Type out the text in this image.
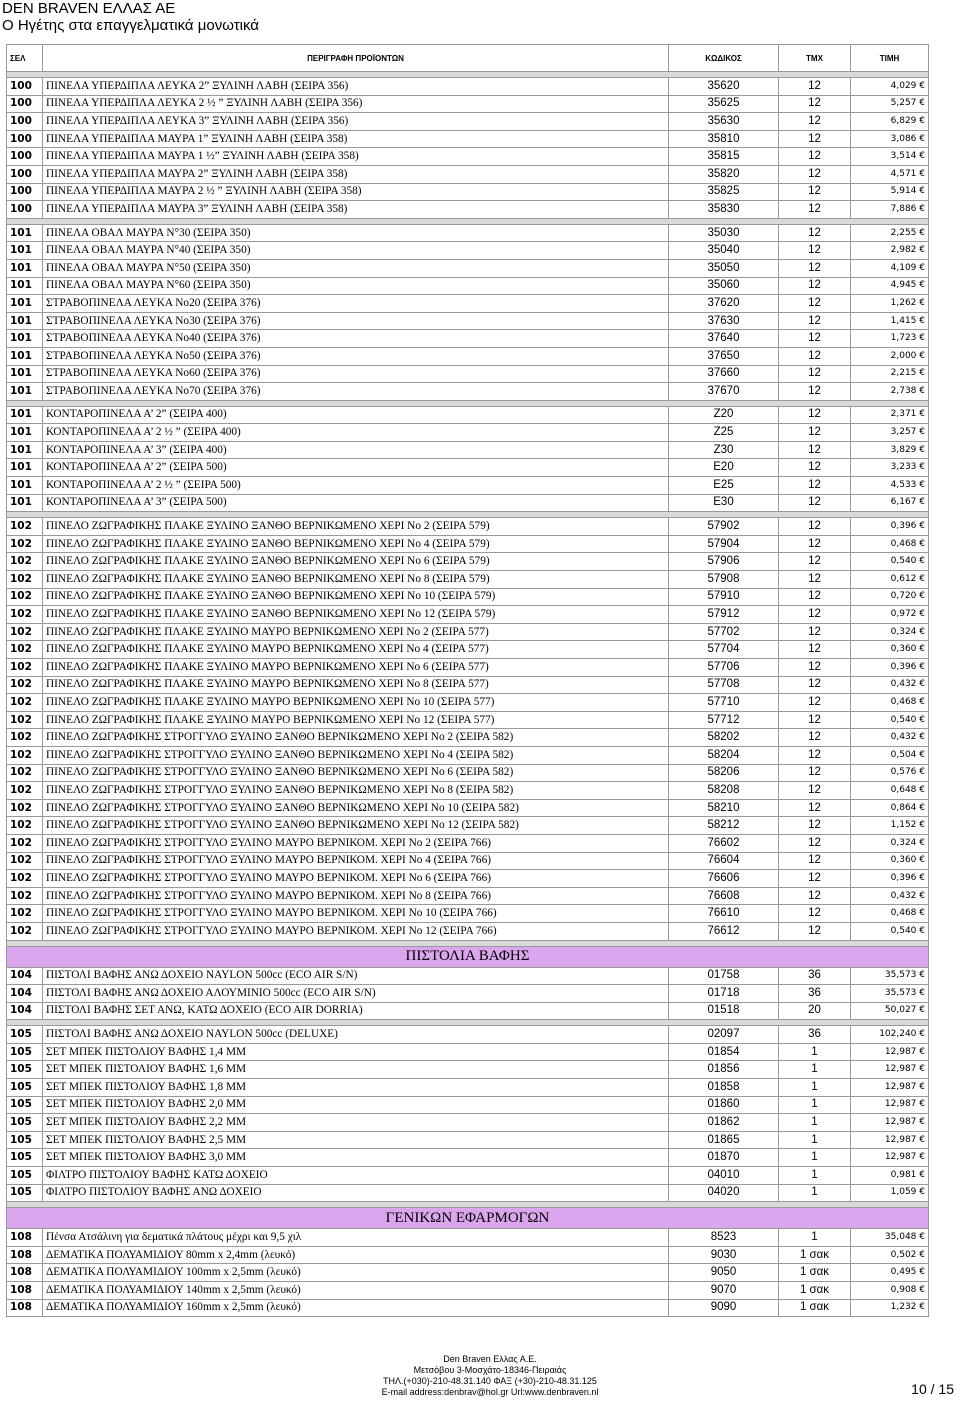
DEN BRAVEN ΕΛΛΑΣ ΑΕ
Ο Ηγέτης στα επαγγελματικά μονωτικά
ΣΕΛ	ΠΕΡΙΓΡΑΦΗ ΠΡΟΪΟΝΤΩΝ	ΚΩΔΙΚΟΣ	ΤΜΧ	ΤΙΜΗ

100	ΠΙΝΕΛΑ ΥΠΕΡΔΙΠΛΑ ΛΕΥΚΑ 2” ΞΥΛΙΝΗ ΛΑΒΗ (ΣΕΙΡΑ 356)	35620	12	4,029 €
100	ΠΙΝΕΛΑ ΥΠΕΡΔΙΠΛΑ ΛΕΥΚΑ 2 ½ ” ΞΥΛΙΝΗ ΛΑΒΗ (ΣΕΙΡΑ 356)	35625	12	5,257 €
100	ΠΙΝΕΛΑ ΥΠΕΡΔΙΠΛΑ ΛΕΥΚΑ 3” ΞΥΛΙΝΗ ΛΑΒΗ (ΣΕΙΡΑ 356)	35630	12	6,829 €
100	ΠΙΝΕΛΑ ΥΠΕΡΔΙΠΛΑ ΜΑΥΡΑ 1” ΞΥΛΙΝΗ ΛΑΒΗ (ΣΕΙΡΑ 358)	35810	12	3,086 €
100	ΠΙΝΕΛΑ ΥΠΕΡΔΙΠΛΑ ΜΑΥΡΑ 1 ½” ΞΥΛΙΝΗ ΛΑΒΗ (ΣΕΙΡΑ 358)	35815	12	3,514 €
100	ΠΙΝΕΛΑ ΥΠΕΡΔΙΠΛΑ ΜΑΥΡΑ 2” ΞΥΛΙΝΗ ΛΑΒΗ (ΣΕΙΡΑ 358)	35820	12	4,571 €
100	ΠΙΝΕΛΑ ΥΠΕΡΔΙΠΛΑ ΜΑΥΡΑ 2 ½ ” ΞΥΛΙΝΗ ΛΑΒΗ (ΣΕΙΡΑ 358)	35825	12	5,914 €
100	ΠΙΝΕΛΑ ΥΠΕΡΔΙΠΛΑ ΜΑΥΡΑ 3” ΞΥΛΙΝΗ ΛΑΒΗ (ΣΕΙΡΑ 358)	35830	12	7,886 €

101	ΠΙΝΕΛΑ ΟΒΑΛ ΜΑΥΡΑ Ν°30 (ΣΕΙΡΑ 350)	35030	12	2,255 €
101	ΠΙΝΕΛΑ ΟΒΑΛ ΜΑΥΡΑ Ν°40 (ΣΕΙΡΑ 350)	35040	12	2,982 €
101	ΠΙΝΕΛΑ ΟΒΑΛ ΜΑΥΡΑ Ν°50 (ΣΕΙΡΑ 350)	35050	12	4,109 €
101	ΠΙΝΕΛΑ ΟΒΑΛ ΜΑΥΡΑ Ν°60 (ΣΕΙΡΑ 350)	35060	12	4,945 €
101	ΣΤΡΑΒΟΠΙΝΕΛΑ ΛΕΥΚΑ Νο20 (ΣΕΙΡΑ 376)	37620	12	1,262 €
101	ΣΤΡΑΒΟΠΙΝΕΛΑ ΛΕΥΚΑ Νο30 (ΣΕΙΡΑ 376)	37630	12	1,415 €
101	ΣΤΡΑΒΟΠΙΝΕΛΑ ΛΕΥΚΑ Νο40 (ΣΕΙΡΑ 376)	37640	12	1,723 €
101	ΣΤΡΑΒΟΠΙΝΕΛΑ ΛΕΥΚΑ Νο50 (ΣΕΙΡΑ 376)	37650	12	2,000 €
101	ΣΤΡΑΒΟΠΙΝΕΛΑ ΛΕΥΚΑ Νο60 (ΣΕΙΡΑ 376)	37660	12	2,215 €
101	ΣΤΡΑΒΟΠΙΝΕΛΑ ΛΕΥΚΑ Νο70 (ΣΕΙΡΑ 376)	37670	12	2,738 €

101	ΚΟΝΤΑΡΟΠΙΝΕΛΑ Α’ 2” (ΣΕΙΡΑ 400)	Z20	12	2,371 €
101	ΚΟΝΤΑΡΟΠΙΝΕΛΑ Α’ 2 ½ ” (ΣΕΙΡΑ 400)	Z25	12	3,257 €
101	ΚΟΝΤΑΡΟΠΙΝΕΛΑ Α’ 3” (ΣΕΙΡΑ 400)	Z30	12	3,829 €
101	ΚΟΝΤΑΡΟΠΙΝΕΛΑ Α’ 2” (ΣΕΙΡΑ 500)	E20	12	3,233 €
101	ΚΟΝΤΑΡΟΠΙΝΕΛΑ Α’ 2 ½ ” (ΣΕΙΡΑ 500)	E25	12	4,533 €
101	ΚΟΝΤΑΡΟΠΙΝΕΛΑ Α’ 3” (ΣΕΙΡΑ 500)	E30	12	6,167 €

102	ΠΙΝΕΛΟ ΖΩΓΡΑΦΙΚΗΣ ΠΛΑΚΕ ΞΥΛΙΝΟ ΞΑΝΘΟ ΒΕΡΝΙΚΩΜΕΝΟ ΧΕΡΙ Νο 2 (ΣΕΙΡΑ 579)	57902	12	0,396 €
102	ΠΙΝΕΛΟ ΖΩΓΡΑΦΙΚΗΣ ΠΛΑΚΕ ΞΥΛΙΝΟ ΞΑΝΘΟ ΒΕΡΝΙΚΩΜΕΝΟ ΧΕΡΙ Νο 4 (ΣΕΙΡΑ 579)	57904	12	0,468 €
102	ΠΙΝΕΛΟ ΖΩΓΡΑΦΙΚΗΣ ΠΛΑΚΕ ΞΥΛΙΝΟ ΞΑΝΘΟ ΒΕΡΝΙΚΩΜΕΝΟ ΧΕΡΙ Νο 6 (ΣΕΙΡΑ 579)	57906	12	0,540 €
102	ΠΙΝΕΛΟ ΖΩΓΡΑΦΙΚΗΣ ΠΛΑΚΕ ΞΥΛΙΝΟ ΞΑΝΘΟ ΒΕΡΝΙΚΩΜΕΝΟ ΧΕΡΙ Νο 8 (ΣΕΙΡΑ 579)	57908	12	0,612 €
102	ΠΙΝΕΛΟ ΖΩΓΡΑΦΙΚΗΣ ΠΛΑΚΕ ΞΥΛΙΝΟ ΞΑΝΘΟ ΒΕΡΝΙΚΩΜΕΝΟ ΧΕΡΙ Νο 10 (ΣΕΙΡΑ 579)	57910	12	0,720 €
102	ΠΙΝΕΛΟ ΖΩΓΡΑΦΙΚΗΣ ΠΛΑΚΕ ΞΥΛΙΝΟ ΞΑΝΘΟ ΒΕΡΝΙΚΩΜΕΝΟ ΧΕΡΙ Νο 12 (ΣΕΙΡΑ 579)	57912	12	0,972 €
102	ΠΙΝΕΛΟ ΖΩΓΡΑΦΙΚΗΣ ΠΛΑΚΕ ΞΥΛΙΝΟ ΜΑΥΡΟ ΒΕΡΝΙΚΩΜΕΝΟ ΧΕΡΙ Νο 2 (ΣΕΙΡΑ 577)	57702	12	0,324 €
102	ΠΙΝΕΛΟ ΖΩΓΡΑΦΙΚΗΣ ΠΛΑΚΕ ΞΥΛΙΝΟ ΜΑΥΡΟ ΒΕΡΝΙΚΩΜΕΝΟ ΧΕΡΙ Νο 4 (ΣΕΙΡΑ 577)	57704	12	0,360 €
102	ΠΙΝΕΛΟ ΖΩΓΡΑΦΙΚΗΣ ΠΛΑΚΕ ΞΥΛΙΝΟ ΜΑΥΡΟ ΒΕΡΝΙΚΩΜΕΝΟ ΧΕΡΙ Νο 6 (ΣΕΙΡΑ 577)	57706	12	0,396 €
102	ΠΙΝΕΛΟ ΖΩΓΡΑΦΙΚΗΣ ΠΛΑΚΕ ΞΥΛΙΝΟ ΜΑΥΡΟ ΒΕΡΝΙΚΩΜΕΝΟ ΧΕΡΙ Νο 8 (ΣΕΙΡΑ 577)	57708	12	0,432 €
102	ΠΙΝΕΛΟ ΖΩΓΡΑΦΙΚΗΣ ΠΛΑΚΕ ΞΥΛΙΝΟ ΜΑΥΡΟ ΒΕΡΝΙΚΩΜΕΝΟ ΧΕΡΙ Νο 10 (ΣΕΙΡΑ 577)	57710	12	0,468 €
102	ΠΙΝΕΛΟ ΖΩΓΡΑΦΙΚΗΣ ΠΛΑΚΕ ΞΥΛΙΝΟ ΜΑΥΡΟ ΒΕΡΝΙΚΩΜΕΝΟ ΧΕΡΙ Νο 12 (ΣΕΙΡΑ 577)	57712	12	0,540 €
102	ΠΙΝΕΛΟ ΖΩΓΡΑΦΙΚΗΣ ΣΤΡΟΓΓΥΛΟ ΞΥΛΙΝΟ ΞΑΝΘΟ ΒΕΡΝΙΚΩΜΕΝΟ ΧΕΡΙ Νο 2 (ΣΕΙΡΑ 582)	58202	12	0,432 €
102	ΠΙΝΕΛΟ ΖΩΓΡΑΦΙΚΗΣ ΣΤΡΟΓΓΥΛΟ ΞΥΛΙΝΟ ΞΑΝΘΟ ΒΕΡΝΙΚΩΜΕΝΟ ΧΕΡΙ Νο 4 (ΣΕΙΡΑ 582)	58204	12	0,504 €
102	ΠΙΝΕΛΟ ΖΩΓΡΑΦΙΚΗΣ ΣΤΡΟΓΓΥΛΟ ΞΥΛΙΝΟ ΞΑΝΘΟ ΒΕΡΝΙΚΩΜΕΝΟ ΧΕΡΙ Νο 6 (ΣΕΙΡΑ 582)	58206	12	0,576 €
102	ΠΙΝΕΛΟ ΖΩΓΡΑΦΙΚΗΣ ΣΤΡΟΓΓΥΛΟ ΞΥΛΙΝΟ ΞΑΝΘΟ ΒΕΡΝΙΚΩΜΕΝΟ ΧΕΡΙ Νο 8 (ΣΕΙΡΑ 582)	58208	12	0,648 €
102	ΠΙΝΕΛΟ ΖΩΓΡΑΦΙΚΗΣ ΣΤΡΟΓΓΥΛΟ ΞΥΛΙΝΟ ΞΑΝΘΟ ΒΕΡΝΙΚΩΜΕΝΟ ΧΕΡΙ Νο 10 (ΣΕΙΡΑ 582)	58210	12	0,864 €
102	ΠΙΝΕΛΟ ΖΩΓΡΑΦΙΚΗΣ ΣΤΡΟΓΓΥΛΟ ΞΥΛΙΝΟ ΞΑΝΘΟ ΒΕΡΝΙΚΩΜΕΝΟ ΧΕΡΙ Νο 12 (ΣΕΙΡΑ 582)	58212	12	1,152 €
102	ΠΙΝΕΛΟ ΖΩΓΡΑΦΙΚΗΣ ΣΤΡΟΓΓΥΛΟ ΞΥΛΙΝΟ ΜΑΥΡΟ ΒΕΡΝΙΚΟΜ. ΧΕΡΙ Νο 2 (ΣΕΙΡΑ 766)	76602	12	0,324 €
102	ΠΙΝΕΛΟ ΖΩΓΡΑΦΙΚΗΣ ΣΤΡΟΓΓΥΛΟ ΞΥΛΙΝΟ ΜΑΥΡΟ ΒΕΡΝΙΚΟΜ. ΧΕΡΙ Νο 4 (ΣΕΙΡΑ 766)	76604	12	0,360 €
102	ΠΙΝΕΛΟ ΖΩΓΡΑΦΙΚΗΣ ΣΤΡΟΓΓΥΛΟ ΞΥΛΙΝΟ ΜΑΥΡΟ ΒΕΡΝΙΚΟΜ. ΧΕΡΙ Νο 6 (ΣΕΙΡΑ 766)	76606	12	0,396 €
102	ΠΙΝΕΛΟ ΖΩΓΡΑΦΙΚΗΣ ΣΤΡΟΓΓΥΛΟ ΞΥΛΙΝΟ ΜΑΥΡΟ ΒΕΡΝΙΚΟΜ. ΧΕΡΙ Νο 8 (ΣΕΙΡΑ 766)	76608	12	0,432 €
102	ΠΙΝΕΛΟ ΖΩΓΡΑΦΙΚΗΣ ΣΤΡΟΓΓΥΛΟ ΞΥΛΙΝΟ ΜΑΥΡΟ ΒΕΡΝΙΚΟΜ. ΧΕΡΙ Νο 10 (ΣΕΙΡΑ 766)	76610	12	0,468 €
102	ΠΙΝΕΛΟ ΖΩΓΡΑΦΙΚΗΣ ΣΤΡΟΓΓΥΛΟ ΞΥΛΙΝΟ ΜΑΥΡΟ ΒΕΡΝΙΚΟΜ. ΧΕΡΙ Νο 12 (ΣΕΙΡΑ 766)	76612	12	0,540 €

ΠΙΣΤΟΛΙΑ ΒΑΦΗΣ				
104	ΠΙΣΤΟΛΙ ΒΑΦΗΣ ΑΝΩ ΔΟΧΕΙΟ NAYLON 500cc (ECO AIR S/N)	01758	36	35,573 €
104	ΠΙΣΤΟΛΙ ΒΑΦΗΣ ΑΝΩ ΔΟΧΕΙΟ ΑΛΟΥΜΙΝΙΟ 500cc (ECO AIR S/N)	01718	36	35,573 €
104	ΠΙΣΤΟΛΙ ΒΑΦΗΣ ΣΕΤ ΑΝΩ, ΚΑΤΩ ΔΟΧΕΙΟ (ECO AIR DORRIA)	01518	20	50,027 €

105	ΠΙΣΤΟΛΙ ΒΑΦΗΣ ΑΝΩ ΔΟΧΕΙΟ NAYLON 500cc (DELUXE)	02097	36	102,240 €
105	ΣΕΤ ΜΠΕΚ ΠΙΣΤΟΛΙΟΥ ΒΑΦΗΣ 1,4 ΜΜ	01854	1	12,987 €
105	ΣΕΤ ΜΠΕΚ ΠΙΣΤΟΛΙΟΥ ΒΑΦΗΣ 1,6 ΜΜ	01856	1	12,987 €
105	ΣΕΤ ΜΠΕΚ ΠΙΣΤΟΛΙΟΥ ΒΑΦΗΣ 1,8 ΜΜ	01858	1	12,987 €
105	ΣΕΤ ΜΠΕΚ ΠΙΣΤΟΛΙΟΥ ΒΑΦΗΣ 2,0 ΜΜ	01860	1	12,987 €
105	ΣΕΤ ΜΠΕΚ ΠΙΣΤΟΛΙΟΥ ΒΑΦΗΣ 2,2 ΜΜ	01862	1	12,987 €
105	ΣΕΤ ΜΠΕΚ ΠΙΣΤΟΛΙΟΥ ΒΑΦΗΣ 2,5 ΜΜ	01865	1	12,987 €
105	ΣΕΤ ΜΠΕΚ ΠΙΣΤΟΛΙΟΥ ΒΑΦΗΣ 3,0 ΜΜ	01870	1	12,987 €
105	ΦΙΛΤΡΟ ΠΙΣΤΟΛΙΟΥ ΒΑΦΗΣ ΚΑΤΩ ΔΟΧΕΙΟ	04010	1	0,981 €
105	ΦΙΛΤΡΟ ΠΙΣΤΟΛΙΟΥ ΒΑΦΗΣ ΑΝΩ ΔΟΧΕΙΟ	04020	1	1,059 €

ΓΕΝΙΚΩΝ ΕΦΑΡΜΟΓΩΝ				
108	Πένσα Ατσάλινη για δεματικά πλάτους μέχρι και 9,5 χιλ	8523	1	35,048 €
108	ΔΕΜΑΤΙΚΑ ΠΟΛΥΑΜΙΔΙΟΥ 80mm x 2,4mm (λευκό)	9030	1 σακ	0,502 €
108	ΔΕΜΑΤΙΚΑ ΠΟΛΥΑΜΙΔΙΟΥ 100mm x 2,5mm (λευκό)	9050	1 σακ	0,495 €
108	ΔΕΜΑΤΙΚΑ ΠΟΛΥΑΜΙΔΙΟΥ 140mm x 2,5mm (λευκό)	9070	1 σακ	0,908 €
108	ΔΕΜΑΤΙΚΑ ΠΟΛΥΑΜΙΔΙΟΥ 160mm x 2,5mm (λευκό)	9090	1 σακ	1,232 €
Den Braven Ελλας Α.Ε.
Μετσόβου 3-Μοσχάτο-18346-Πειραιάς
ΤΗΛ.(+030)-210-48.31.140 ΦΑΞ (+30)-210-48.31.125
E-mail address:denbrav@hol.gr Url:www.denbraven.nl	10 / 15
